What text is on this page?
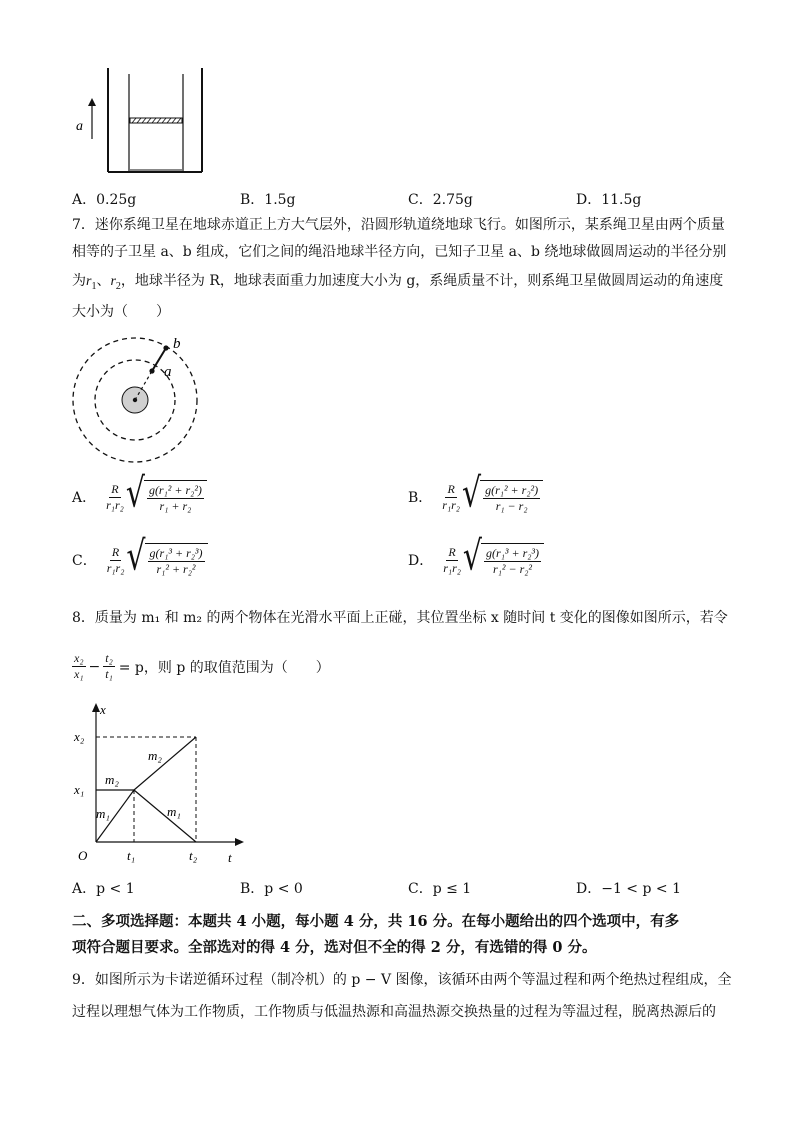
a
A．0.25g	B．1.5g	C．2.75g	D．11.5g
7．迷你系绳卫星在地球赤道正上方大气层外，沿圆形轨道绕地球飞行。如图所示，某系绳卫星由两个质量
相等的子卫星 a、b 组成，它们之间的绳沿地球半径方向，已知子卫星 a、b 绕地球做圆周运动的半径分别
为$r_1$、$r_2$，地球半径为 R，地球表面重力加速度大小为 g，系绳质量不计，则系绳卫星做圆周运动的角速度
大小为（　　）
a
b
A． $\frac{R}{\text{r₁r₂}}$ √ $\frac{\text{g(r₁² + r₂²)}}{\text{r₁ + r₂}}$	B． $\frac{R}{\text{r₁r₂}}$ √ $\frac{\text{g(r₁² + r₂²)}}{\text{r₁ − r₂}}$
C． $\frac{R}{\text{r₁r₂}}$ √ $\frac{\text{g(r₁³ + r₂³)}}{\text{r₁² + r₂²}}$	D． $\frac{R}{\text{r₁r₂}}$ √ $\frac{\text{g(r₁³ + r₂³)}}{\text{r₁² − r₂²}}$
8．质量为 m₁ 和 m₂ 的两个物体在光滑水平面上正碰，其位置坐标 x 随时间 t 变化的图像如图所示，若令
$\frac{\text{x₂}}{\text{x₁}} - \frac{\text{t₂}}{\text{t₁}} = p$，则 p 的取值范围为（　　）
x
t
O
x₂
x₁
t₁	t₂
m₂
m₂
m₁	m₁
A．p < 1	B．p < 0	C．p ≤ 1	D．−1 < p < 1
二、多项选择题：本题共 4 小题，每小题 4 分，共 16 分。在每小题给出的四个选项中，有多
项符合题目要求。全部选对的得 4 分，选对但不全的得 2 分，有选错的得 0 分。
9．如图所示为卡诺逆循环过程（制冷机）的 p − V 图像，该循环由两个等温过程和两个绝热过程组成，全
过程以理想气体为工作物质，工作物质与低温热源和高温热源交换热量的过程为等温过程，脱离热源后的
